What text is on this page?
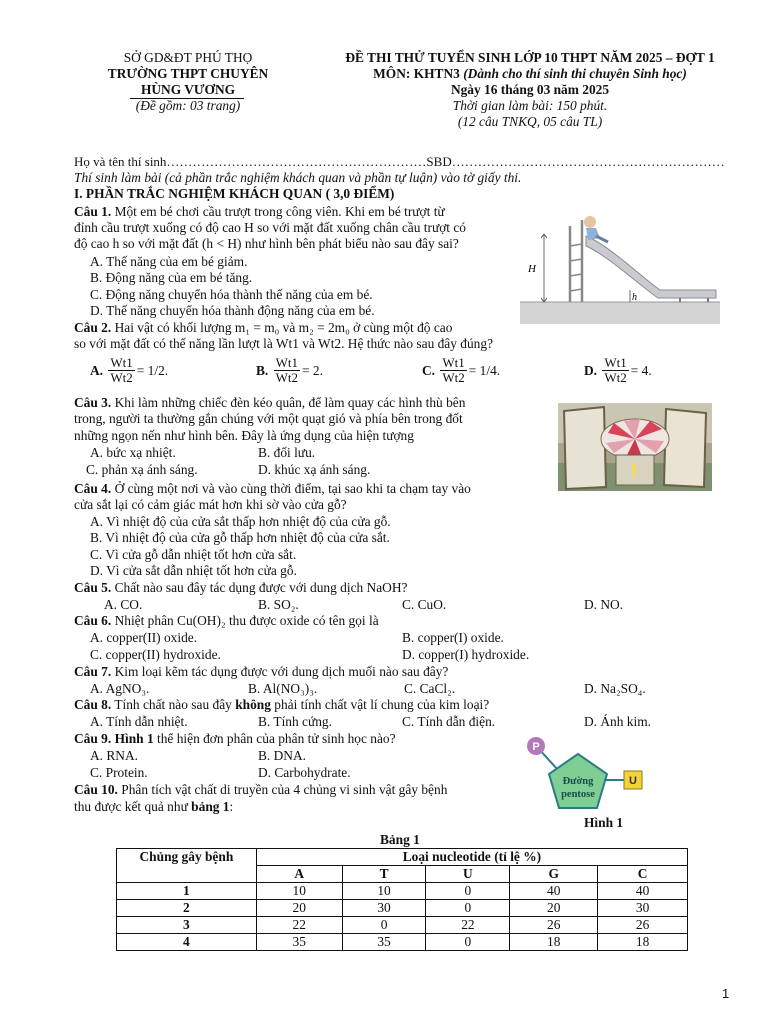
SỞ GD&ĐT PHÚ THỌ
TRƯỜNG THPT CHUYÊN
HÙNG VƯƠNG
(Đề gồm: 03 trang)
ĐỀ THI THỬ TUYỂN SINH LỚP 10 THPT NĂM 2025 – ĐỢT 1
MÔN: KHTN3 (Dành cho thí sinh thi chuyên Sinh học)
Ngày 16 tháng 03 năm 2025
Thời gian làm bài: 150 phút.
(12 câu TNKQ, 05 câu TL)
Họ và tên thí sinh……………………………………………………SBD………………………………………………………
Thí sinh làm bài (cả phần trắc nghiệm khách quan và phần tự luận) vào tờ giấy thi.
I. PHẦN TRẮC NGHIỆM KHÁCH QUAN ( 3,0 ĐIỂM)
Câu 1. Một em bé chơi cầu trượt trong công viên. Khi em bé trượt từ
đỉnh cầu trượt xuống có độ cao H so với mặt đất xuống chân cầu trượt có
độ cao h so với mặt đất (h < H) như hình bên phát biểu nào sau đây sai?
A. Thế năng của em bé giảm.
B. Động năng của em bé tăng.
C. Động năng chuyển hóa thành thế năng của em bé.
D. Thế năng chuyển hóa thành động năng của em bé.
H
h
Câu 2. Hai vật có khối lượng m₁ = m₀ và m₂ = 2m₀ ở cùng một độ cao
so với mặt đất có thế năng lần lượt là Wt1 và Wt2. Hệ thức nào sau đây đúng?
A.
$\frac{Wt1}{Wt2} = 1/2$.	B.
$\frac{Wt1}{Wt2} = 2$.	C.
$\frac{Wt1}{Wt2} = 1/4$.	D.
$\frac{Wt1}{Wt2} = 4$.
Câu 3. Khi làm những chiếc đèn kéo quân, để làm quay các hình thù bên
trong, người ta thường gắn chúng với một quạt gió và phía bên trong đốt
những ngọn nến như hình bên. Đây là ứng dụng của hiện tượng
A. bức xạ nhiệt.	B. đối lưu.
C. phản xạ ánh sáng.	D. khúc xạ ánh sáng.
Câu 4. Ở cùng một nơi và vào cùng thời điểm, tại sao khi ta chạm tay vào
cửa sắt lại có cảm giác mát hơn khi sờ vào cửa gỗ?
A. Vì nhiệt độ của cửa sắt thấp hơn nhiệt độ của cửa gỗ.
B. Vì nhiệt độ của cửa gỗ thấp hơn nhiệt độ của cửa sắt.
C. Vì cửa gỗ dẫn nhiệt tốt hơn cửa sắt.
D. Vì cửa sắt dẫn nhiệt tốt hơn cửa gỗ.
Câu 5. Chất nào sau đây tác dụng được với dung dịch NaOH?
A. CO.	B. SO₂.	C. CuO.	D. NO.
Câu 6. Nhiệt phân Cu(OH)₂ thu được oxide có tên gọi là
A. copper(II) oxide.	B. copper(I) oxide.
C. copper(II) hydroxide.	D. copper(I) hydroxide.
Câu 7. Kim loại kẽm tác dụng được với dung dịch muối nào sau đây?
A. AgNO₃.	B. Al(NO₃)₃.	C. CaCl₂.	D. Na₂SO₄.
Câu 8. Tính chất nào sau đây không phải tính chất vật lí chung của kim loại?
A. Tính dẫn nhiệt.	B. Tính cứng.	C. Tính dẫn điện.	D. Ánh kim.
Câu 9. Hình 1 thể hiện đơn phân của phân tử sinh học nào?
A. RNA.	B. DNA.
C. Protein.	D. Carbohydrate.
Câu 10. Phân tích vật chất di truyền của 4 chủng vi sinh vật gây bệnh
thu được kết quả như bảng 1:
P
Đường
pentose
U
Hình 1
Bảng 1
Chủng gây bệnh	Loại nucleotide (tỉ lệ %)				
	A	T	U	G	C
1	10	10	0	40	40
2	20	30	0	20	30
3	22	0	22	26	26
4	35	35	0	18	18
1
